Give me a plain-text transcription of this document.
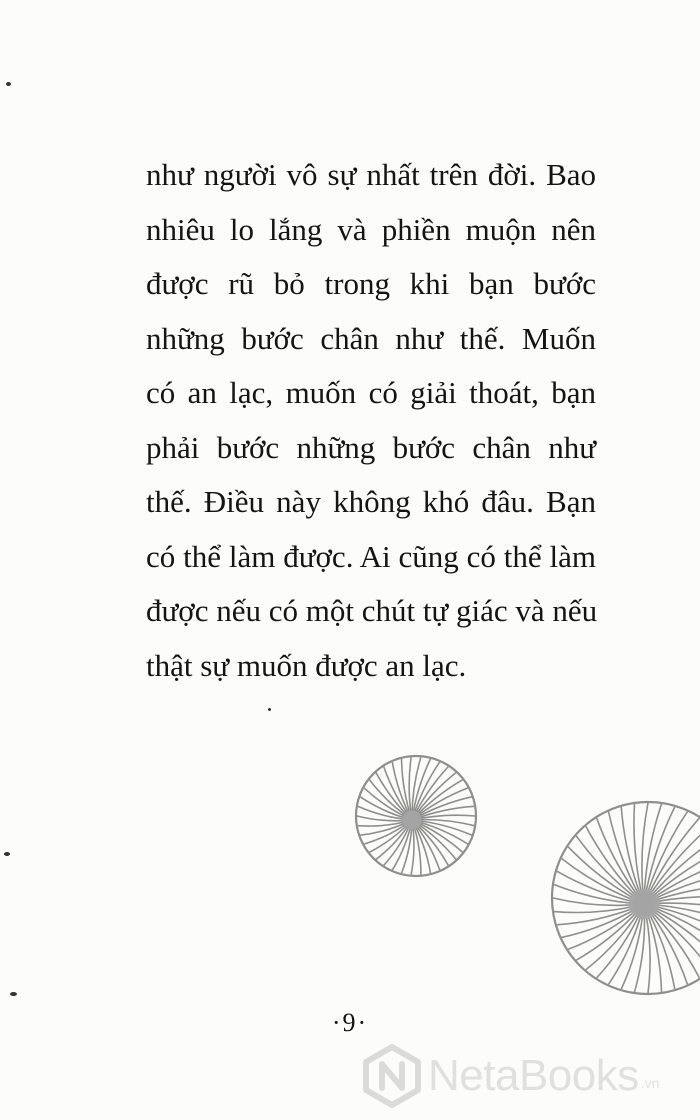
như người vô sự nhất trên đời. Bao
nhiêu lo lắng và phiền muộn nên
được rũ bỏ trong khi bạn bước
những bước chân như thế. Muốn
có an lạc, muốn có giải thoát, bạn
phải bước những bước chân như
thế. Điều này không khó đâu. Bạn
có thể làm được. Ai cũng có thể làm
được nếu có một chút tự giác và nếu
thật sự muốn được an lạc.
·9·
NetaBooks .vn
